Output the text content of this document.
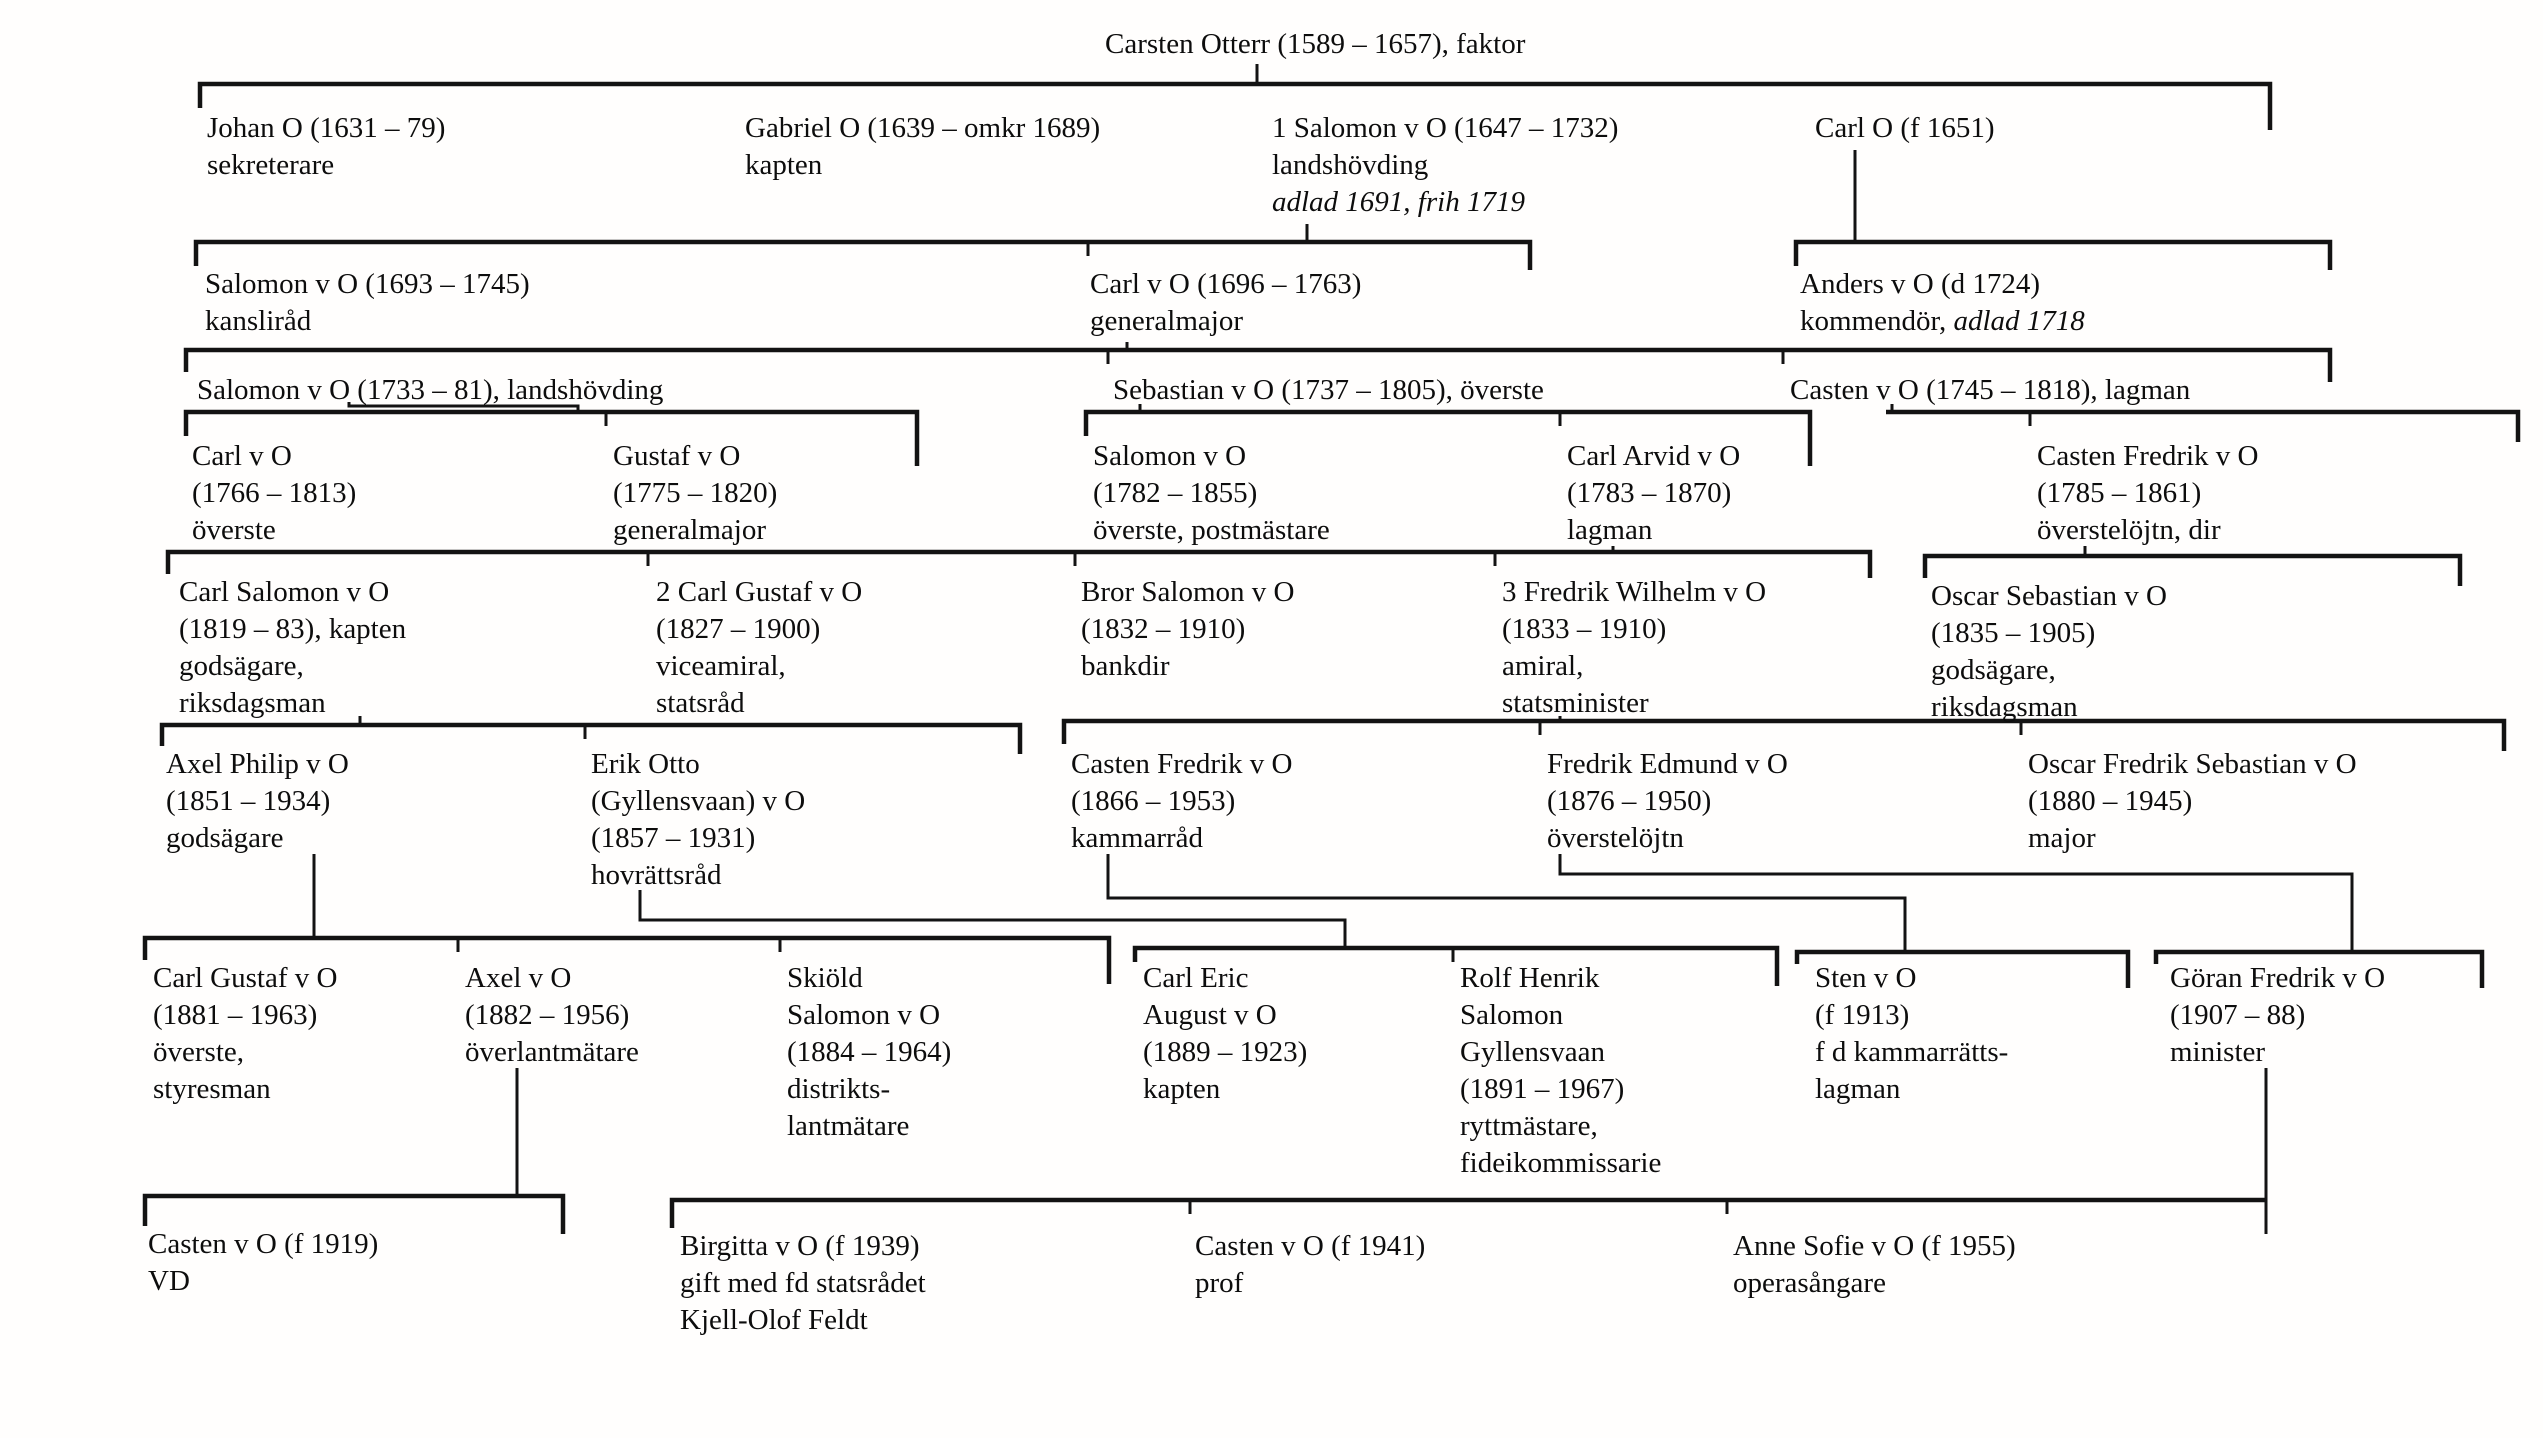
Carsten Otterr (1589 – 1657), faktor
Johan O (1631 – 79)
sekreterare
Gabriel O (1639 – omkr 1689)
kapten
1 Salomon v O (1647 – 1732)
landshövding
adlad 1691, frih 1719
Carl O (f 1651)
Salomon v O (1693 – 1745)
kansliråd
Carl v O (1696 – 1763)
generalmajor
Anders v O (d 1724)
kommendör, adlad 1718
Salomon v O (1733 – 81), landshövding	Sebastian v O (1737 – 1805), överste	Casten v O (1745 – 1818), lagman
Carl v O
(1766 – 1813)
överste
Gustaf v O
(1775 – 1820)
generalmajor
Salomon v O
(1782 – 1855)
överste, postmästare
Carl Arvid v O
(1783 – 1870)
lagman
Casten Fredrik v O
(1785 – 1861)
överstelöjtn, dir
Carl Salomon v O
(1819 – 83), kapten
godsägare,
riksdagsman
2 Carl Gustaf v O
(1827 – 1900)
viceamiral,
statsråd
Bror Salomon v O
(1832 – 1910)
bankdir
3 Fredrik Wilhelm v O
(1833 – 1910)
amiral,
statsminister
Oscar Sebastian v O
(1835 – 1905)
godsägare,
riksdagsman
Axel Philip v O
(1851 – 1934)
godsägare
Erik Otto
(Gyllensvaan) v O
(1857 – 1931)
hovrättsråd
Casten Fredrik v O
(1866 – 1953)
kammarråd
Fredrik Edmund v O
(1876 – 1950)
överstelöjtn
Oscar Fredrik Sebastian v O
(1880 – 1945)
major
Carl Gustaf v O
(1881 – 1963)
överste,
styresman
Axel v O
(1882 – 1956)
överlantmätare
Skiöld
Salomon v O
(1884 – 1964)
distrikts-
lantmätare
Carl Eric
August v O
(1889 – 1923)
kapten
Rolf Henrik
Salomon
Gyllensvaan
(1891 – 1967)
ryttmästare,
fideikommissarie
Sten v O
(f 1913)
f d kammarrätts-
lagman
Göran Fredrik v O
(1907 – 88)
minister
Casten v O (f 1919)
VD
Birgitta v O (f 1939)
gift med fd statsrådet
Kjell-Olof Feldt
Casten v O (f 1941)
prof
Anne Sofie v O (f 1955)
operasångare
